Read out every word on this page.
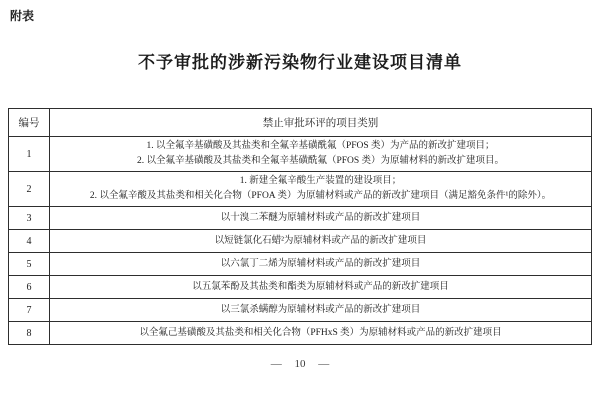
附表
不予审批的涉新污染物行业建设项目清单
编号	禁止审批环评的项目类别
1	1. 以全氟辛基磺酸及其盐类和全氟辛基磺酰氟（PFOS 类）为产品的新改扩建项目；
2. 以全氟辛基磺酸及其盐类和全氟辛基磺酰氟（PFOS 类）为原辅材料的新改扩建项目。

2	1. 新建全氟辛酸生产装置的建设项目；
2. 以全氟辛酸及其盐类和相关化合物（PFOA 类）为原辅材料或产品的新改扩建项目（满足豁免条件¹的除外）。

3	以十溴二苯醚为原辅材料或产品的新改扩建项目

4	以短链氯化石蜡²为原辅材料或产品的新改扩建项目

5	以六氯丁二烯为原辅材料或产品的新改扩建项目

6	以五氯苯酚及其盐类和酯类为原辅材料或产品的新改扩建项目

7	以三氯杀螨醇为原辅材料或产品的新改扩建项目

8	以全氟己基磺酸及其盐类和相关化合物（PFHxS 类）为原辅材料或产品的新改扩建项目
— 10 —
